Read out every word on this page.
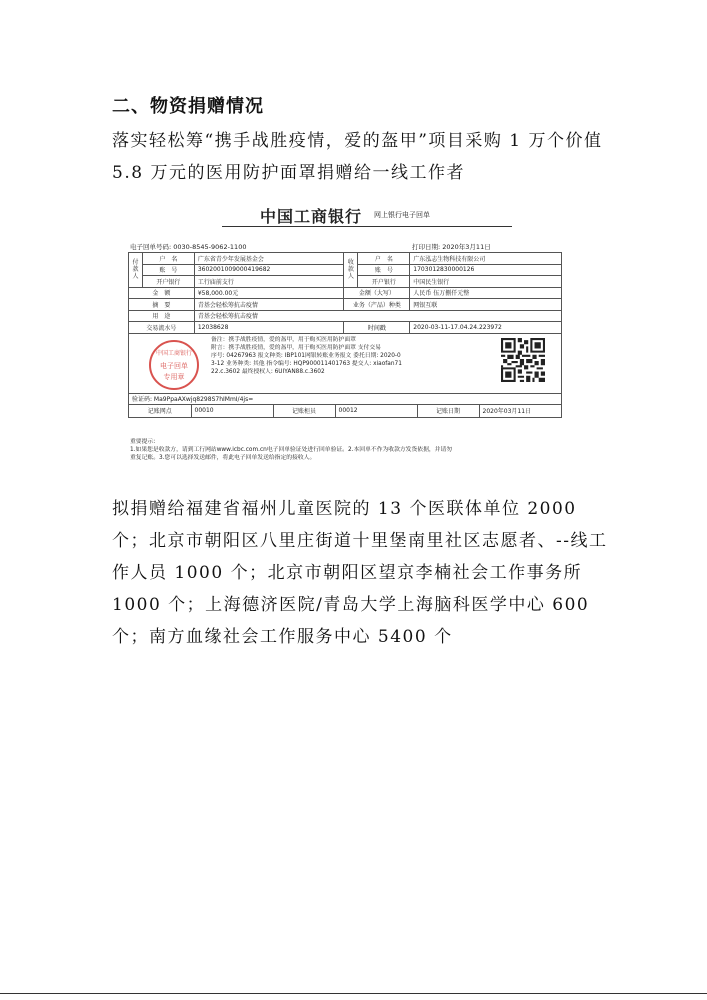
二、物资捐赠情况
落实轻松筹“携手战胜疫情，爱的盔甲”项目采购 1 万个价值 5.8 万元的医用防护面罩捐赠给一线工作者
中国工商银行 网上银行电子回单
电子回单号码: 0030-8545-9062-1100	打印日期: 2020年3月11日
付款人	户　名	广东省青少年发展基金会	收款人	户　名	广东泓志生物科技有限公司
账　号	3602001009000419682	账　号	1703012830000126
开户银行	工行庙前支行	开户银行	中国民生银行
金　额	¥58,000.00元	金额（大写）	人民币 伍万捌仟元整
摘　要	青基会轻松筹抗击疫情	业务（产品）种类	网银互联
用　途	青基会轻松筹抗击疫情
交易流水号	12038628	时间戳	2020-03-11-17.04.24.223972

中国工商银行
电子回单
专用章
备注：携手战胜疫情，爱的盔甲，用于购买医用防护面罩
附言：携手战胜疫情，爱的盔甲，用于购买医用防护面罩 支付交易
序号: 04267963 报文种类: IBP101网银转账业务报文 委托日期: 2020-0
3-12 业务种类: 其他 指令编号: HQP900011401763 提交人: xiaofan71
22.c.3602 最终授权人: 6UIYAN88.c.3602

验证码: Ma9PpaAXwjq8298S7hIMmI/4js=

记账网点	00010	记账柜员	00012	记账日期	2020年03月11日
重要提示:
1.如果您是收款方，请到工行网站www.icbc.com.cn电子回单验证处进行回单验证。2.本回单不作为收款方发货依据，并请勿
重复记账。3.您可以选择发送邮件，将此电子回单发送给指定的接收人。
拟捐赠给福建省福州儿童医院的 13 个医联体单位 2000 个；北京市朝阳区八里庄街道十里堡南里社区志愿者、--线工作人员 1000 个；北京市朝阳区望京李楠社会工作事务所 1000 个；上海德济医院/青岛大学上海脑科医学中心 600 个；南方血缘社会工作服务中心 5400 个
